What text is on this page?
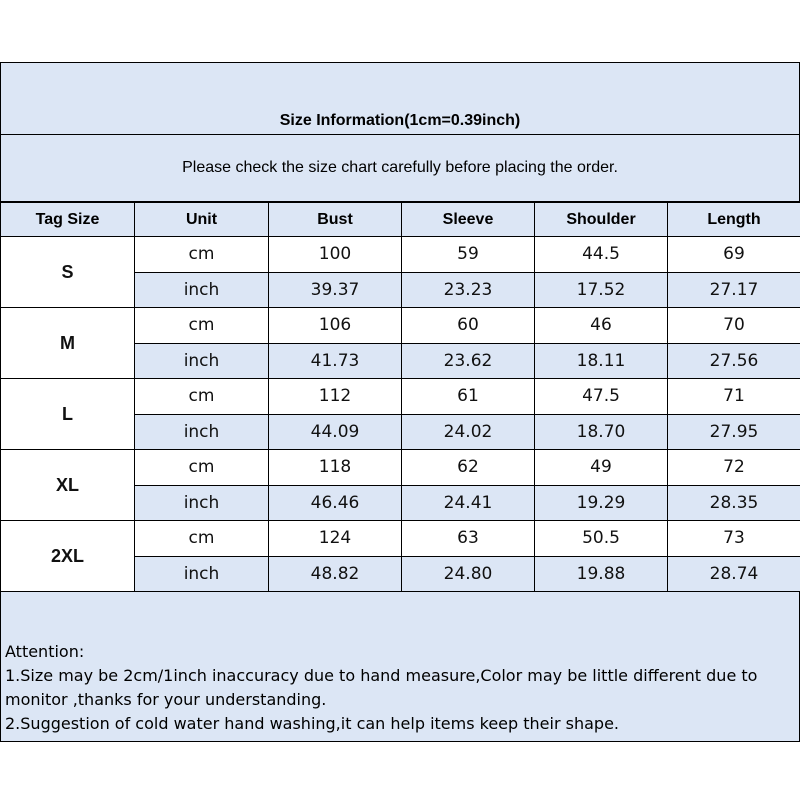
Size Information(1cm=0.39inch)
Please check the size chart carefully before placing the order.
Tag Size	Unit	Bust	Sleeve	Shoulder	Length
S	cm	100	59	44.5	69
	inch	39.37	23.23	17.52	27.17
M	cm	106	60	46	70
	inch	41.73	23.62	18.11	27.56
L	cm	112	61	47.5	71
	inch	44.09	24.02	18.70	27.95
XL	cm	118	62	49	72
	inch	46.46	24.41	19.29	28.35
2XL	cm	124	63	50.5	73
	inch	48.82	24.80	19.88	28.74

Attention:

1.Size may be 2cm/1inch inaccuracy due to hand measure,Color may be little different due to monitor ,thanks for your understanding.

2.Suggestion of cold water hand washing,it can help items keep their shape.
